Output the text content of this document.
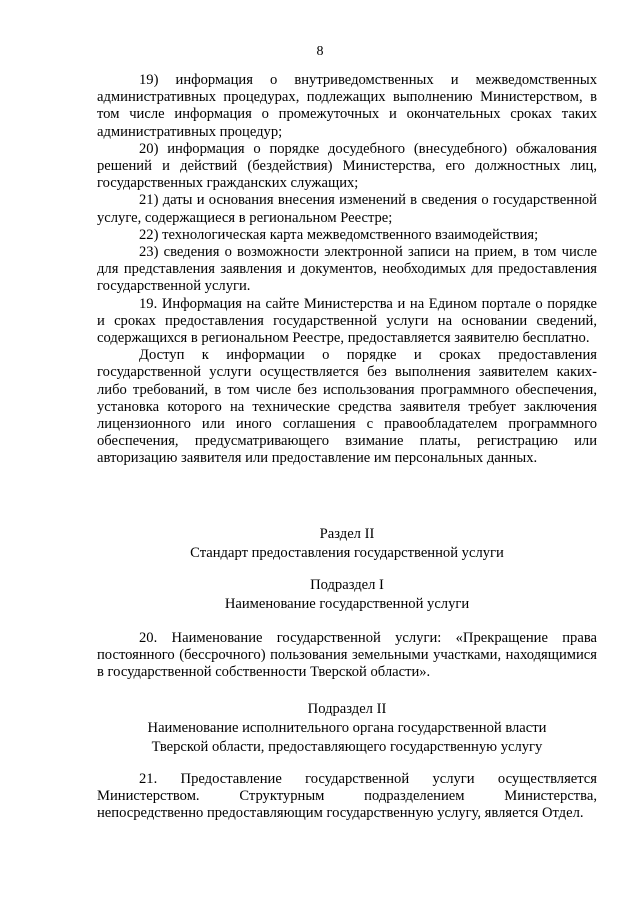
8

19) информация о внутриведомственных и межведомственных административных процедурах, подлежащих выполнению Министерством, в том числе информация о промежуточных и окончательных сроках таких административных процедур;

20) информация о порядке досудебного (внесудебного) обжалования решений и действий (бездействия) Министерства, его должностных лиц, государственных гражданских служащих;

21) даты и основания внесения изменений в сведения о государственной услуге, содержащиеся в региональном Реестре;

22) технологическая карта межведомственного взаимодействия;

23) сведения о возможности электронной записи на прием, в том числе для представления заявления и документов, необходимых для предоставления государственной услуги.

19. Информация на сайте Министерства и на Едином портале о порядке и сроках предоставления государственной услуги на основании сведений, содержащихся в региональном Реестре, предоставляется заявителю бесплатно.

Доступ к информации о порядке и сроках предоставления государственной услуги осуществляется без выполнения заявителем каких-либо требований, в том числе без использования программного обеспечения, установка которого на технические средства заявителя требует заключения лицензионного или иного соглашения с правообладателем программного обеспечения, предусматривающего взимание платы, регистрацию или авторизацию заявителя или предоставление им персональных данных.

Раздел II
Стандарт предоставления государственной услуги
Подраздел I
Наименование государственной услуги

20. Наименование государственной услуги: «Прекращение права постоянного (бессрочного) пользования земельными участками, находящимися в государственной собственности Тверской области».

Подраздел II
Наименование исполнительного органа государственной власти
Тверской области, предоставляющего государственную услугу

21. Предоставление государственной услуги осуществляется Министерством. Структурным подразделением Министерства, непосредственно предоставляющим государственную услугу, является Отдел.
